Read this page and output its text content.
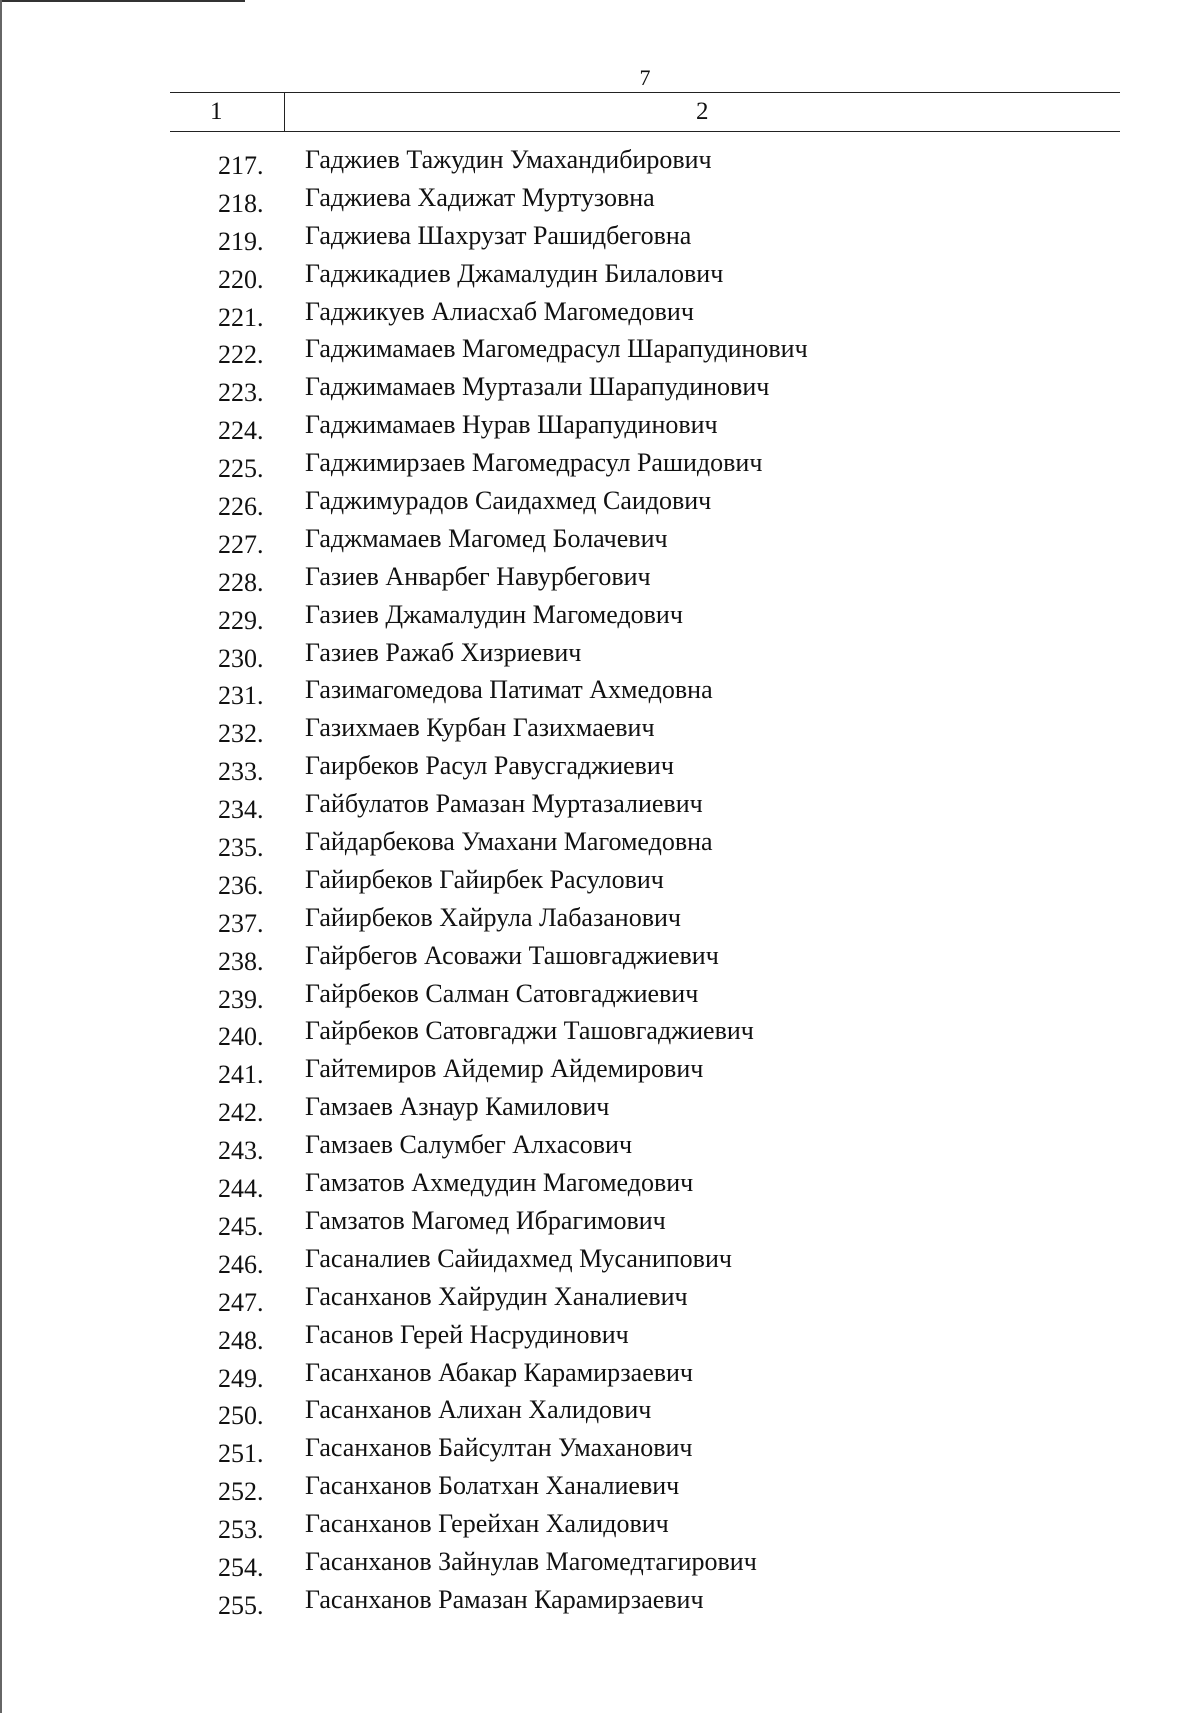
7
1	2
217. Гаджиев Тажудин Умахандибирович
218. Гаджиева Хадижат Муртузовна
219. Гаджиева Шахрузат Рашидбеговна
220. Гаджикадиев Джамалудин Билалович
221. Гаджикуев Алиасхаб Магомедович
222. Гаджимамаев Магомедрасул Шарапудинович
223. Гаджимамаев Муртазали Шарапудинович
224. Гаджимамаев Нурав Шарапудинович
225. Гаджимирзаев Магомедрасул Рашидович
226. Гаджимурадов Саидахмед Саидович
227. Гаджмамаев Магомед Болачевич
228. Газиев Анварбег Навурбегович
229. Газиев Джамалудин Магомедович
230. Газиев Ражаб Хизриевич
231. Газимагомедова Патимат Ахмедовна
232. Газихмаев Курбан Газихмаевич
233. Гаирбеков Расул Равусгаджиевич
234. Гайбулатов Рамазан Муртазалиевич
235. Гайдарбекова Умахани Магомедовна
236. Гайирбеков Гайирбек Расулович
237. Гайирбеков Хайрула Лабазанович
238. Гайрбегов Асоважи Ташовгаджиевич
239. Гайрбеков Салман Сатовгаджиевич
240. Гайрбеков Сатовгаджи Ташовгаджиевич
241. Гайтемиров Айдемир Айдемирович
242. Гамзаев Азнаур Камилович
243. Гамзаев Салумбег Алхасович
244. Гамзатов Ахмедудин Магомедович
245. Гамзатов Магомед Ибрагимович
246. Гасаналиев Сайидахмед Мусанипович
247. Гасанханов Хайрудин Ханалиевич
248. Гасанов Герей Насрудинович
249. Гасанханов Абакар Карамирзаевич
250. Гасанханов Алихан Халидович
251. Гасанханов Байсултан Умаханович
252. Гасанханов Болатхан Ханалиевич
253. Гасанханов Герейхан Халидович
254. Гасанханов Зайнулав Магомедтагирович
255. Гасанханов Рамазан Карамирзаевич
